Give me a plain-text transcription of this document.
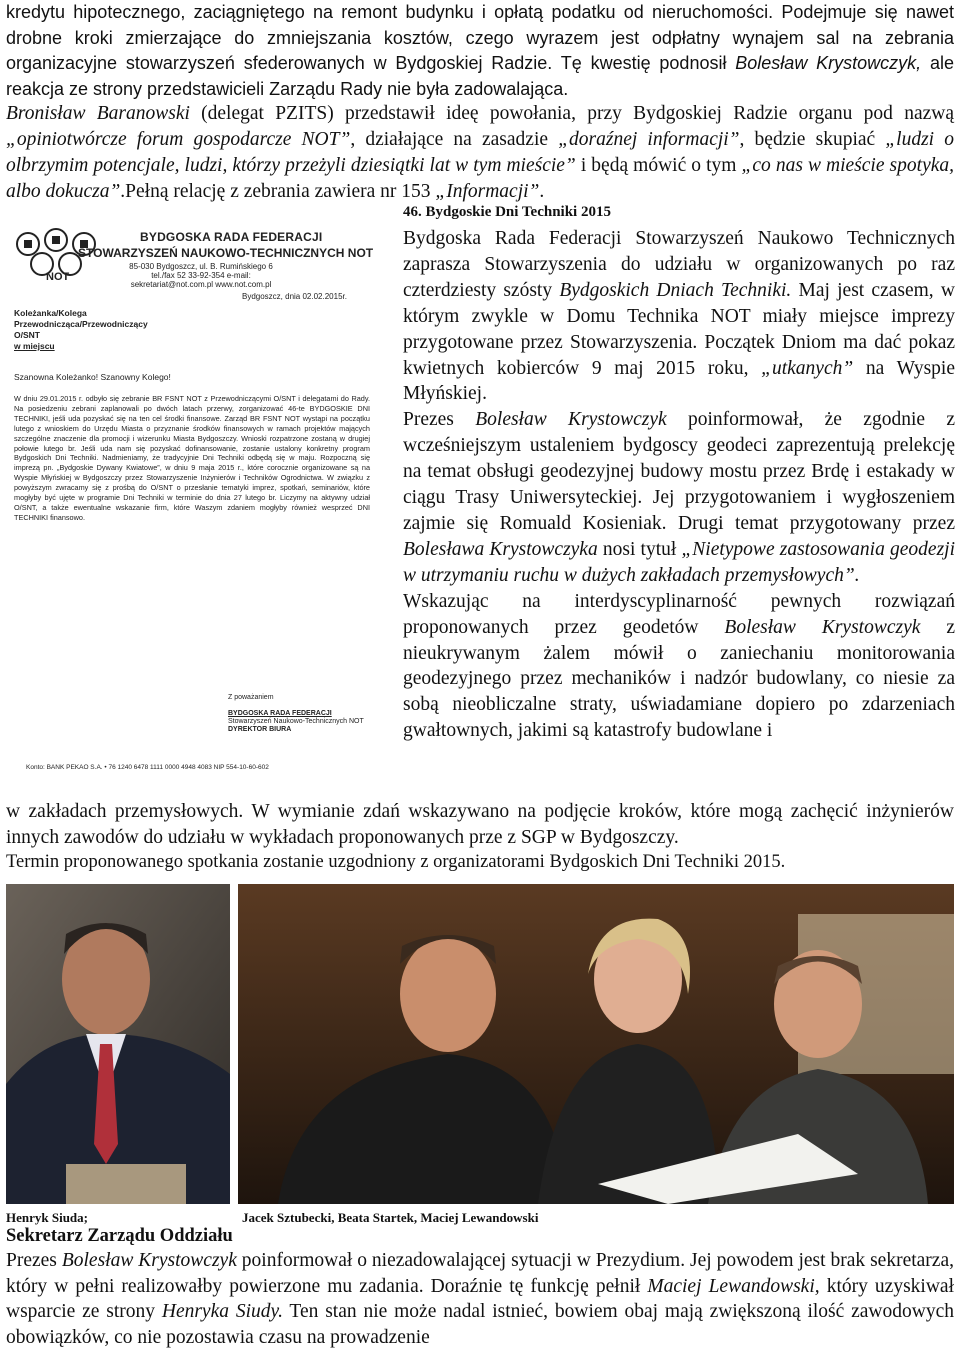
kredytu hipotecznego, zaciągniętego na remont budynku i opłatą podatku od nieruchomości. Podejmuje się nawet drobne kroki zmierzające do zmniejszania kosztów, czego wyrazem jest odpłatny wynajem sal na zebrania organizacyjne stowarzyszeń sfederowanych w Bydgoskiej Radzie. Tę kwestię podnosił Bolesław Krystowczyk, ale reakcja ze strony przedstawicieli Zarządu Rady nie była zadowalająca.

Bronisław Baranowski (delegat PZITS) przedstawił ideę powołania, przy Bydgoskiej Radzie organu pod nazwą „opiniotwórcze forum gospodarcze NOT”, działające na zasadzie „doraźnej informacji”, będzie skupiać „ludzi o olbrzymim potencjale, ludzi, którzy przeżyli dziesiątki lat w tym mieście” i będą mówić o tym „co nas w mieście spotyka, albo dokucza”.Pełną relację z zebrania zawiera nr 153 „Informacji”.

46. Bydgoskie Dni Techniki 2015
NOT
BYDGOSKA RADA FEDERACJI
STOWARZYSZEŃ NAUKOWO-TECHNICZNYCH NOT
85-030 Bydgoszcz, ul. B. Rumińskiego 6
tel./fax 52 33-92-354 e-mail: sekretariat@not.com.pl www.not.com.pl
Bydgoszcz, dnia 02.02.2015r.
Koleżanka/Kolega
Przewodnicząca/Przewodniczący
O/SNT
w miejscu
Szanowna Koleżanko! Szanowny Kolego!
W dniu 29.01.2015 r. odbyło się zebranie BR FSNT NOT z Przewodniczącymi O/SNT i delegatami do Rady. Na posiedzeniu zebrani zaplanowali po dwóch latach przerwy, zorganizować 46-te BYDGOSKIE DNI TECHNIKI, jeśli uda pozyskać się na ten cel środki finansowe. Zarząd BR FSNT NOT wystąpi na początku lutego z wnioskiem do Urzędu Miasta o przyznanie środków finansowych w ramach projektów mających szczególne znaczenie dla promocji i wizerunku Miasta Bydgoszczy. Wnioski rozpatrzone zostaną w drugiej połowie lutego br. Jeśli uda nam się pozyskać dofinansowanie, zostanie ustalony konkretny program Bydgoskich Dni Techniki. Nadmieniamy, że tradycyjnie Dni Techniki odbędą się w maju. Rozpoczną się imprezą pn. „Bydgoskie Dywany Kwiatowe”, w dniu 9 maja 2015 r., które corocznie organizowane są na Wyspie Młyńskiej w Bydgoszczy przez Stowarzyszenie Inżynierów i Techników Ogrodnictwa. W związku z powyższym zwracamy się z prośbą do O/SNT o przesłanie tematyki imprez, spotkań, seminariów, które mogłyby być ujęte w programie Dni Techniki w terminie do dnia 27 lutego br. Liczymy na aktywny udział O/SNT, a także ewentualne wskazanie firm, które Waszym zdaniem mogłyby również wesprzeć DNI TECHNIKI finansowo.
Z poważaniem
BYDGOSKA RADA FEDERACJI
Stowarzyszeń Naukowo-Technicznych NOT
DYREKTOR BIURA
Konto: BANK PEKAO S.A. • 76 1240 6478 1111 0000 4948 4083 NIP 554-10-60-602

Bydgoska Rada Federacji Stowarzyszeń Naukowo Technicznych zaprasza Stowarzyszenia do udziału w organizowanych po raz czterdziesty szósty Bydgoskich Dniach Techniki. Maj jest czasem, w którym zwykle w Domu Technika NOT miały miejsce imprezy przygotowane przez Stowarzyszenia. Początek Dniom ma dać pokaz kwietnych kobierców 9 maj 2015 roku, „utkanych” na Wyspie Młyńskiej.

Prezes Bolesław Krystowczyk poinformował, że zgodnie z wcześniejszym ustaleniem bydgoscy geodeci zaprezentują prelekcję na temat obsługi geodezyjnej budowy mostu przez Brdę i estakady w ciągu Trasy Uniwersyteckiej. Jej przygotowaniem i wygłoszeniem zajmie się Romuald Kosieniak. Drugi temat przygotowany przez Bolesława Krystowczyka nosi tytuł „Nietypowe zastosowania geodezji w utrzymaniu ruchu w dużych zakładach przemysłowych”.

Wskazując na interdyscyplinarność pewnych rozwiązań proponowanych przez geodetów Bolesław Krystowczyk z nieukrywanym żalem mówił o zaniechaniu monitorowania geodezyjnego przez mechaników i nadzór budowlany, co niesie za sobą nieobliczalne straty, uświadamiane dopiero po zdarzeniach gwałtownych, jakimi są katastrofy budowlane i

w zakładach przemysłowych. W wymianie zdań wskazywano na podjęcie kroków, które mogą zachęcić inżynierów innych zawodów do udziału w wykładach proponowanych prze z SGP w Bydgoszczy.

Termin proponowanego spotkania zostanie uzgodniony z organizatorami Bydgoskich Dni Techniki 2015.

Henryk Siuda;	Jacek Sztubecki, Beata Startek, Maciej Lewandowski
Sekretarz Zarządu Oddziału

Prezes Bolesław Krystowczyk poinformował o niezadowalającej sytuacji w Prezydium. Jej powodem jest brak sekretarza, który w pełni realizowałby powierzone mu zadania. Doraźnie tę funkcję pełnił Maciej Lewandowski, który uzyskiwał wsparcie ze strony Henryka Siudy. Ten stan nie może nadal istnieć, bowiem obaj mają zwiększoną ilość zawodowych obowiązków, co nie pozostawia czasu na prowadzenie
